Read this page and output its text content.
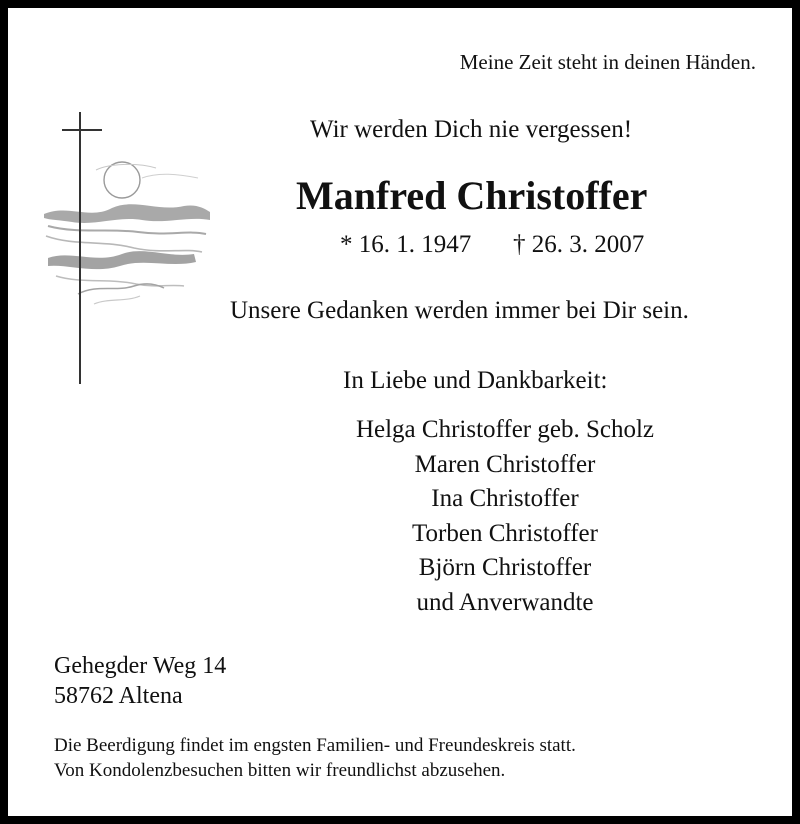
Meine Zeit steht in deinen Händen.
Wir werden Dich nie vergessen!
Manfred Christoffer
* 16. 1. 1947 † 26. 3. 2007
Unsere Gedanken werden immer bei Dir sein.
In Liebe und Dankbarkeit:
Helga Christoffer geb. Scholz
Maren Christoffer
Ina Christoffer
Torben Christoffer
Björn Christoffer
und Anverwandte
Gehegder Weg 14
58762 Altena
Die Beerdigung findet im engsten Familien- und Freundeskreis statt.
Von Kondolenzbesuchen bitten wir freundlichst abzusehen.
